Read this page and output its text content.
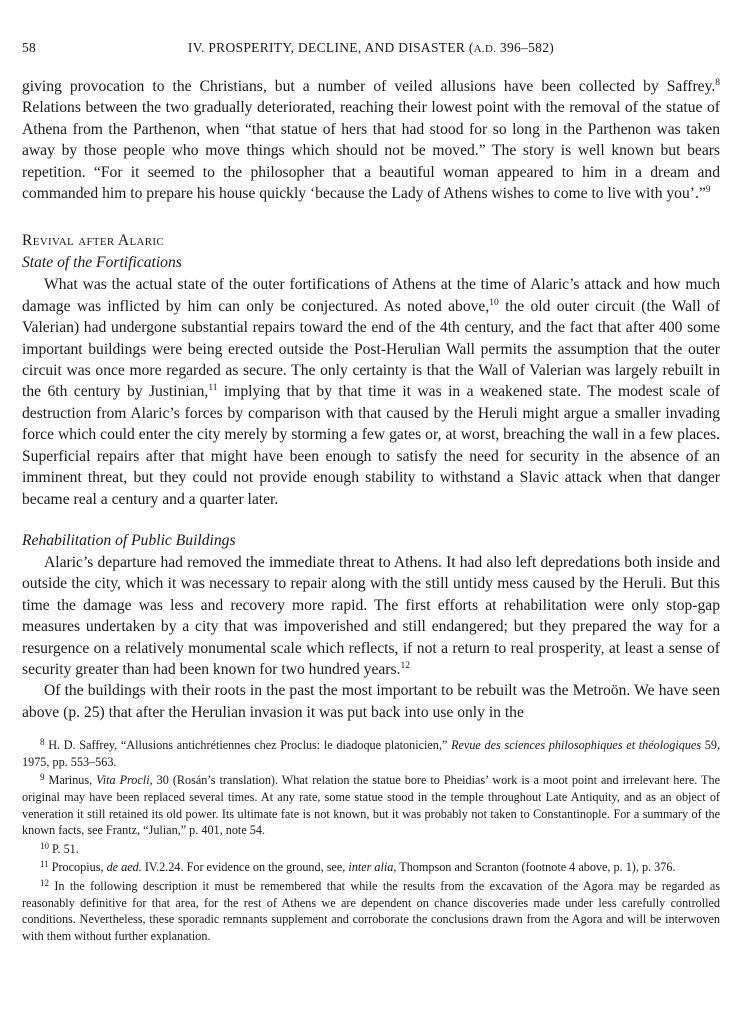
58	IV. PROSPERITY, DECLINE, AND DISASTER (A.D. 396–582)

giving provocation to the Christians, but a number of veiled allusions have been collected by Saffrey.$^8$ Relations between the two gradually deteriorated, reaching their lowest point with the removal of the statue of Athena from the Parthenon, when “that statue of hers that had stood for so long in the Parthenon was taken away by those people who move things which should not be moved.” The story is well known but bears repetition. “For it seemed to the philosopher that a beautiful woman appeared to him in a dream and commanded him to prepare his house quickly ‘because the Lady of Athens wishes to come to live with you’.”$^9$

Revival after Alaric
State of the Fortifications

What was the actual state of the outer fortifications of Athens at the time of Alaric’s attack and how much damage was inflicted by him can only be conjectured. As noted above,$^{10}$ the old outer circuit (the Wall of Valerian) had undergone substantial repairs toward the end of the 4th century, and the fact that after 400 some important buildings were being erected outside the Post-Herulian Wall permits the assumption that the outer circuit was once more regarded as secure. The only certainty is that the Wall of Valerian was largely rebuilt in the 6th century by Justinian,$^{11}$ implying that by that time it was in a weakened state. The modest scale of destruction from Alaric’s forces by comparison with that caused by the Heruli might argue a smaller invading force which could enter the city merely by storming a few gates or, at worst, breaching the wall in a few places. Superficial repairs after that might have been enough to satisfy the need for security in the absence of an imminent threat, but they could not provide enough stability to withstand a Slavic attack when that danger became real a century and a quarter later.

Rehabilitation of Public Buildings

Alaric’s departure had removed the immediate threat to Athens. It had also left depredations both inside and outside the city, which it was necessary to repair along with the still untidy mess caused by the Heruli. But this time the damage was less and recovery more rapid. The first efforts at rehabilitation were only stop-gap measures undertaken by a city that was impoverished and still endangered; but they prepared the way for a resurgence on a relatively monumental scale which reflects, if not a return to real prosperity, at least a sense of security greater than had been known for two hundred years.$^{12}$

Of the buildings with their roots in the past the most important to be rebuilt was the Metroön. We have seen above (p. 25) that after the Herulian invasion it was put back into use only in the

$^8$ H. D. Saffrey, “Allusions antichrétiennes chez Proclus: le diadoque platonicien,” Revue des sciences philosophiques et théologiques 59, 1975, pp. 553–563.

$^9$ Marinus, Vita Procli, 30 (Rosán’s translation). What relation the statue bore to Pheidias’ work is a moot point and irrelevant here. The original may have been replaced several times. At any rate, some statue stood in the temple throughout Late Antiquity, and as an object of veneration it still retained its old power. Its ultimate fate is not known, but it was probably not taken to Constantinople. For a summary of the known facts, see Frantz, “Julian,” p. 401, note 54.

$^{10}$ P. 51.

$^{11}$ Procopius, de aed. IV.2.24. For evidence on the ground, see, inter alia, Thompson and Scranton (footnote 4 above, p. 1), p. 376.

$^{12}$ In the following description it must be remembered that while the results from the excavation of the Agora may be regarded as reasonably definitive for that area, for the rest of Athens we are dependent on chance discoveries made under less carefully controlled conditions. Nevertheless, these sporadic remnants supplement and corroborate the conclusions drawn from the Agora and will be interwoven with them without further explanation.
